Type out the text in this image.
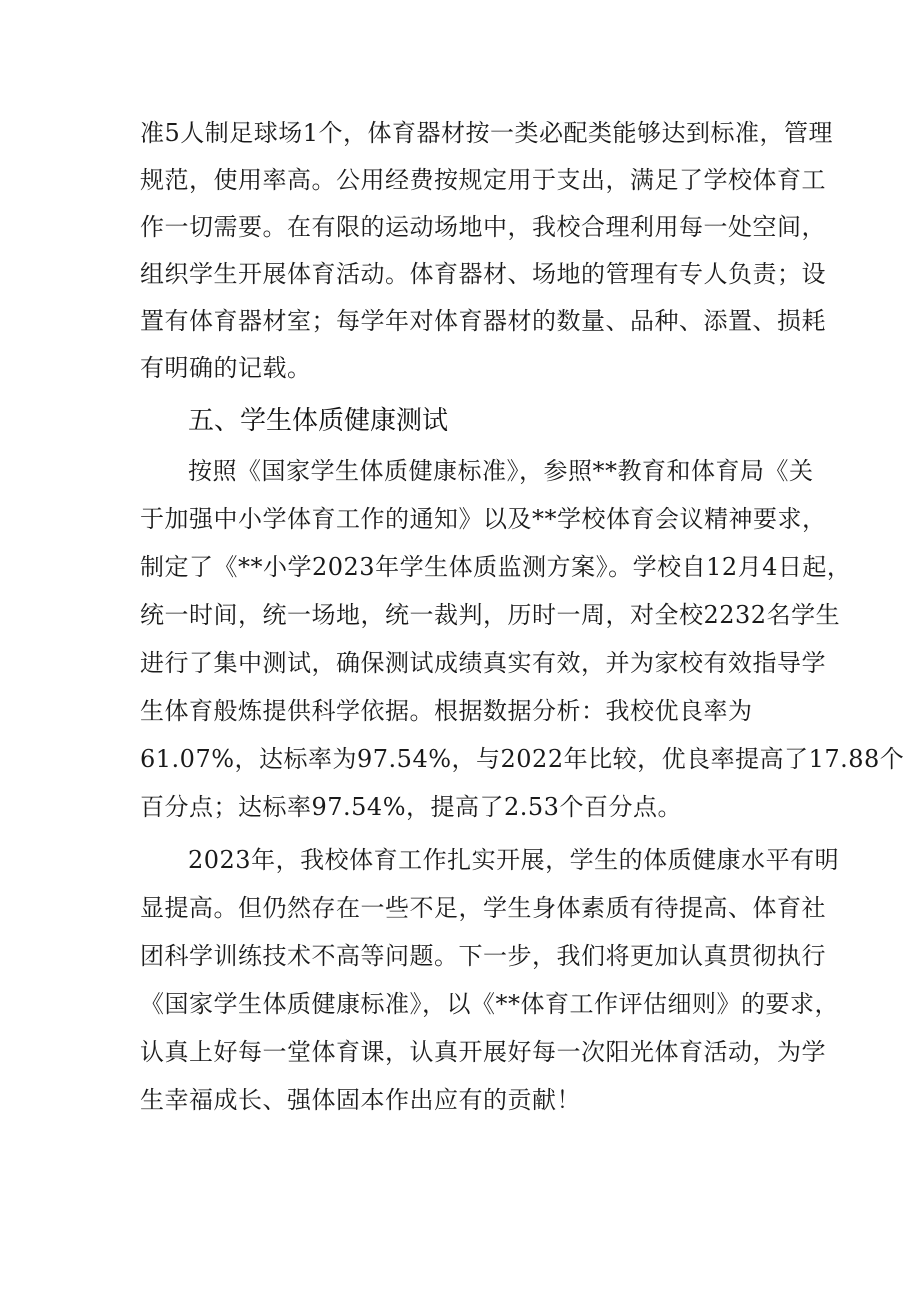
准5人制足球场1个，体育器材按一类必配类能够达到标准，管理
规范，使用率高。公用经费按规定用于支出，满足了学校体育工
作一切需要。在有限的运动场地中，我校合理利用每一处空间，
组织学生开展体育活动。体育器材、场地的管理有专人负责；设
置有体育器材室；每学年对体育器材的数量、品种、添置、损耗
有明确的记载。
五、学生体质健康测试
按照《国家学生体质健康标准》，参照**教育和体育局《关
于加强中小学体育工作的通知》以及**学校体育会议精神要求，
制定了《**小学2023年学生体质监测方案》。学校自12月4日起，
统一时间，统一场地，统一裁判，历时一周，对全校2232名学生
进行了集中测试，确保测试成绩真实有效，并为家校有效指导学
生体育般炼提供科学依据。根据数据分析：我校优良率为
61.07%，达标率为97.54%，与2022年比较，优良率提高了17.88个
百分点；达标率97.54%，提高了2.53个百分点。
2023年，我校体育工作扎实开展，学生的体质健康水平有明
显提高。但仍然存在一些不足，学生身体素质有待提高、体育社
团科学训练技术不高等问题。下一步，我们将更加认真贯彻执行
《国家学生体质健康标准》，以《**体育工作评估细则》的要求，
认真上好每一堂体育课，认真开展好每一次阳光体育活动，为学
生幸福成长、强体固本作出应有的贡献！
